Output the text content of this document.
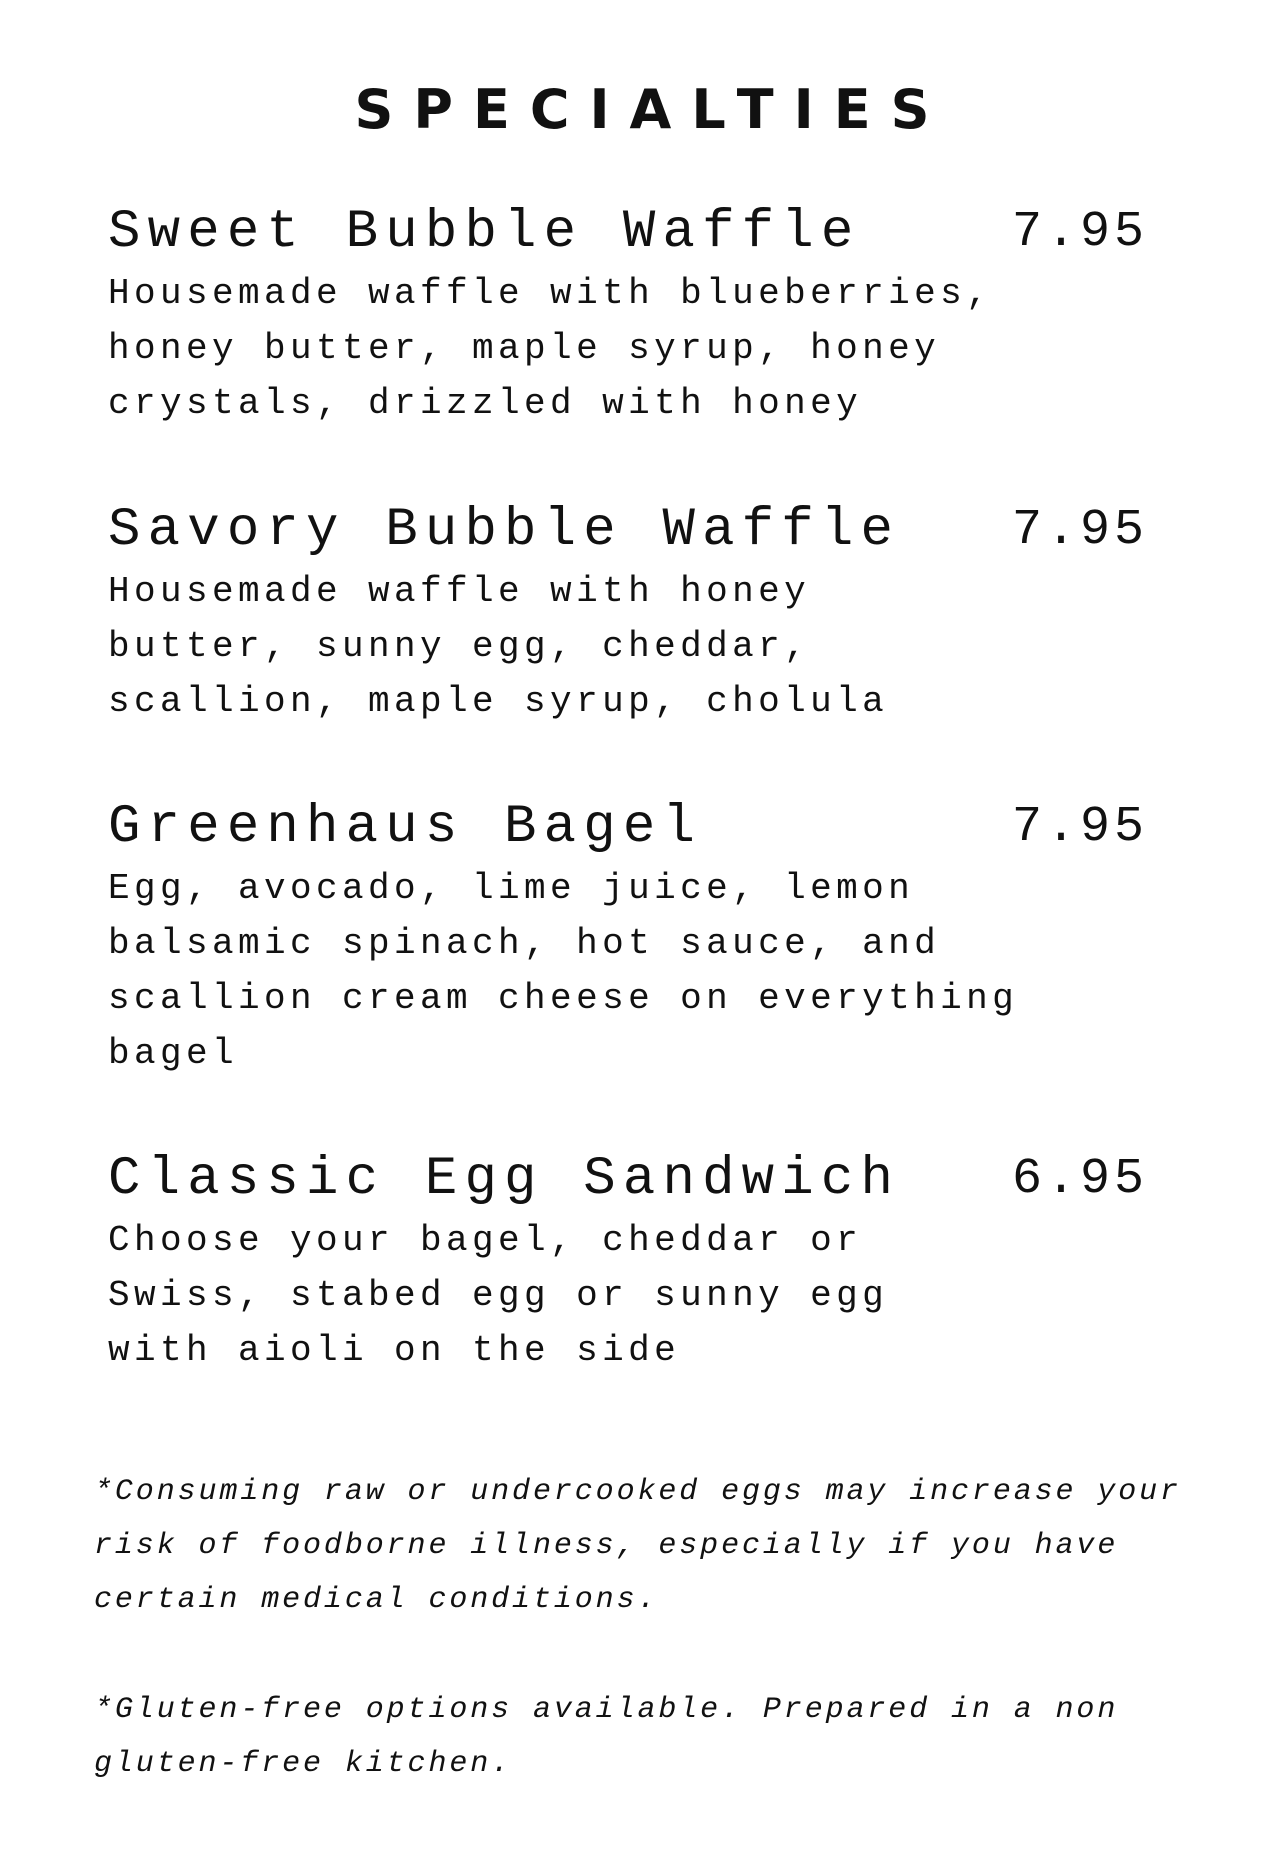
SPECIALTIES
Sweet Bubble Waffle	7.95

Housemade waffle with blueberries,
honey butter, maple syrup, honey
crystals, drizzled with honey

Savory Bubble Waffle 7.95

Housemade waffle with honey
butter, sunny egg, cheddar,
scallion, maple syrup, cholula

Greenhaus Bagel	7.95

Egg, avocado, lime juice, lemon
balsamic spinach, hot sauce, and
scallion cream cheese on everything
bagel

Classic Egg Sandwich 6.95

Choose your bagel, cheddar or
Swiss, stabed egg or sunny egg
with aioli on the side

*Consuming raw or undercooked eggs may increase your
risk of foodborne illness, especially if you have
certain medical conditions.

*Gluten-free options available. Prepared in a non
gluten-free kitchen.
